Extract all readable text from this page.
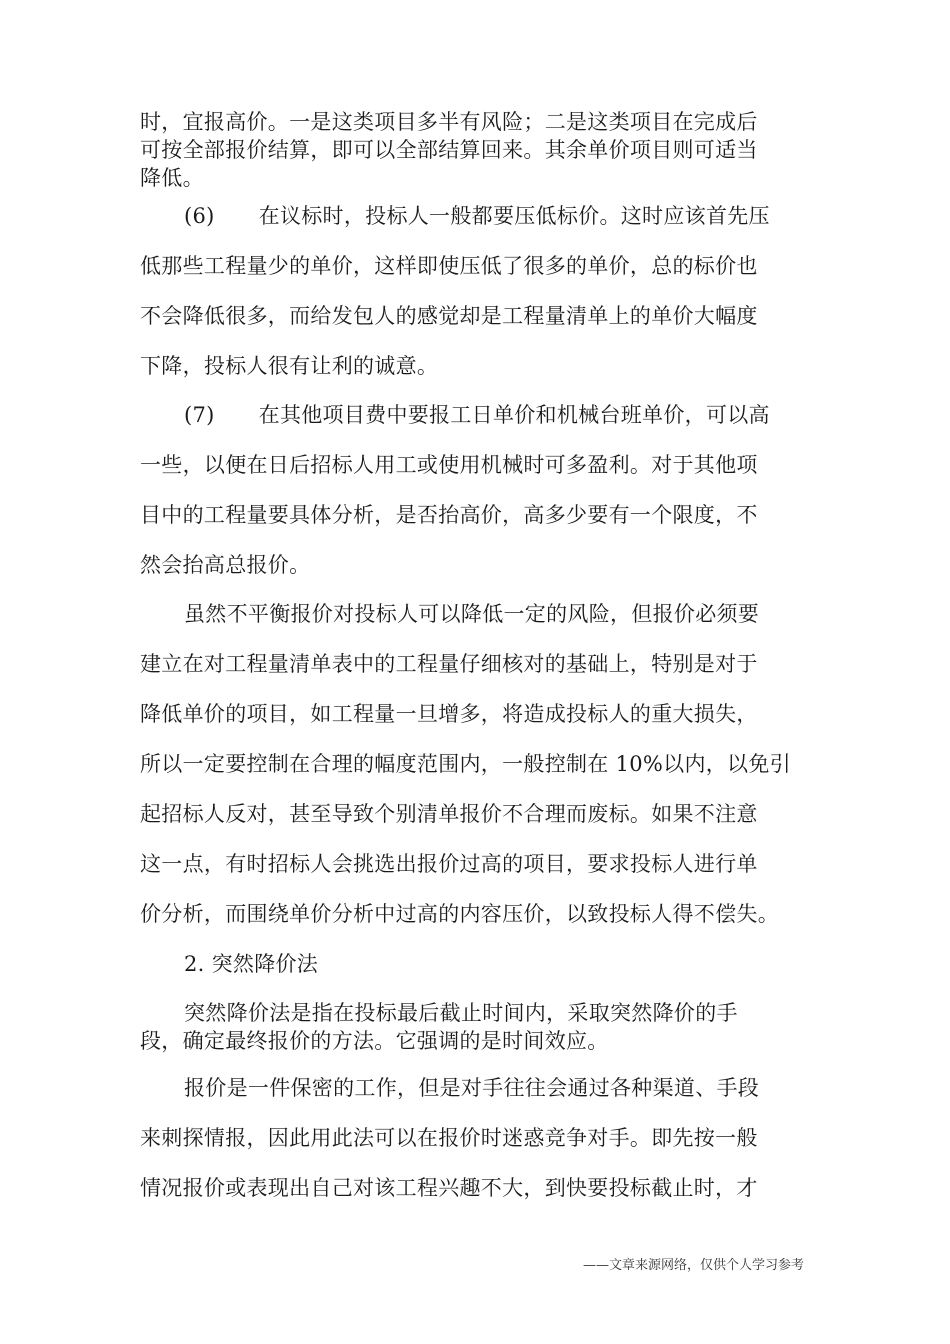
时，宜报高价。一是这类项目多半有风险；二是这类项目在完成后
可按全部报价结算，即可以全部结算回来。其余单价项目则可适当
降低。
(6) 在议标时，投标人一般都要压低标价。这时应该首先压
低那些工程量少的单价，这样即使压低了很多的单价，总的标价也
不会降低很多，而给发包人的感觉却是工程量清单上的单价大幅度
下降，投标人很有让利的诚意。
(7) 在其他项目费中要报工日单价和机械台班单价，可以高
一些，以便在日后招标人用工或使用机械时可多盈利。对于其他项
目中的工程量要具体分析，是否抬高价，高多少要有一个限度，不
然会抬高总报价。
虽然不平衡报价对投标人可以降低一定的风险，但报价必须要
建立在对工程量清单表中的工程量仔细核对的基础上，特别是对于
降低单价的项目，如工程量一旦增多，将造成投标人的重大损失，
所以一定要控制在合理的幅度范围内，一般控制在 10%以内，以免引
起招标人反对，甚至导致个别清单报价不合理而废标。如果不注意
这一点，有时招标人会挑选出报价过高的项目，要求投标人进行单
价分析，而围绕单价分析中过高的内容压价，以致投标人得不偿失。
2. 突然降价法
突然降价法是指在投标最后截止时间内，采取突然降价的手
段，确定最终报价的方法。它强调的是时间效应。
报价是一件保密的工作，但是对手往往会通过各种渠道、手段
来刺探情报，因此用此法可以在报价时迷惑竞争对手。即先按一般
情况报价或表现出自己对该工程兴趣不大，到快要投标截止时，才
——文章来源网络，仅供个人学习参考
